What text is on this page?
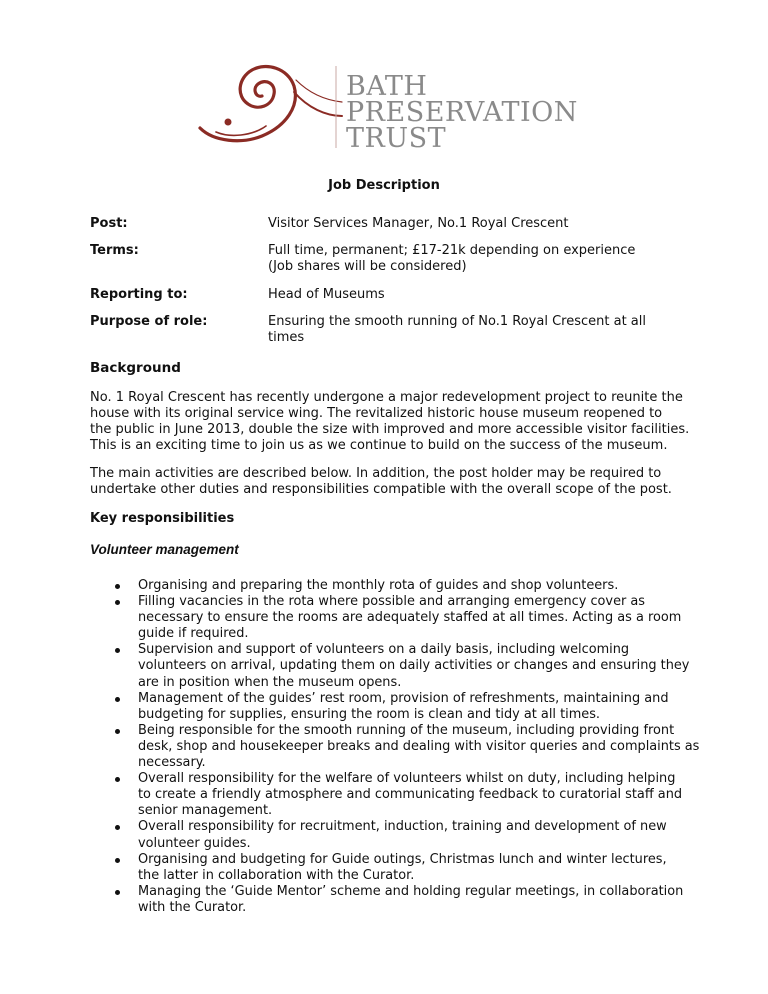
BATH
PRESERVATION
TRUST
Job Description
Post:	Visitor Services Manager, No.1 Royal Crescent
Terms:	Full time, permanent; £17-21k depending on experience
(Job shares will be considered)
Reporting to:	Head of Museums
Purpose of role:	Ensuring the smooth running of No.1 Royal Crescent at all
times
Background
No. 1 Royal Crescent has recently undergone a major redevelopment project to reunite the
house with its original service wing. The revitalized historic house museum reopened to
the public in June 2013, double the size with improved and more accessible visitor facilities.
This is an exciting time to join us as we continue to build on the success of the museum.
The main activities are described below. In addition, the post holder may be required to
undertake other duties and responsibilities compatible with the overall scope of the post.
Key responsibilities
Volunteer management
Organising and preparing the monthly rota of guides and shop volunteers.
Filling vacancies in the rota where possible and arranging emergency cover as
necessary to ensure the rooms are adequately staffed at all times. Acting as a room
guide if required.
Supervision and support of volunteers on a daily basis, including welcoming
volunteers on arrival, updating them on daily activities or changes and ensuring they
are in position when the museum opens.
Management of the guides’ rest room, provision of refreshments, maintaining and
budgeting for supplies, ensuring the room is clean and tidy at all times.
Being responsible for the smooth running of the museum, including providing front
desk, shop and housekeeper breaks and dealing with visitor queries and complaints as
necessary.
Overall responsibility for the welfare of volunteers whilst on duty, including helping
to create a friendly atmosphere and communicating feedback to curatorial staff and
senior management.
Overall responsibility for recruitment, induction, training and development of new
volunteer guides.
Organising and budgeting for Guide outings, Christmas lunch and winter lectures,
the latter in collaboration with the Curator.
Managing the ‘Guide Mentor’ scheme and holding regular meetings, in collaboration
with the Curator.
